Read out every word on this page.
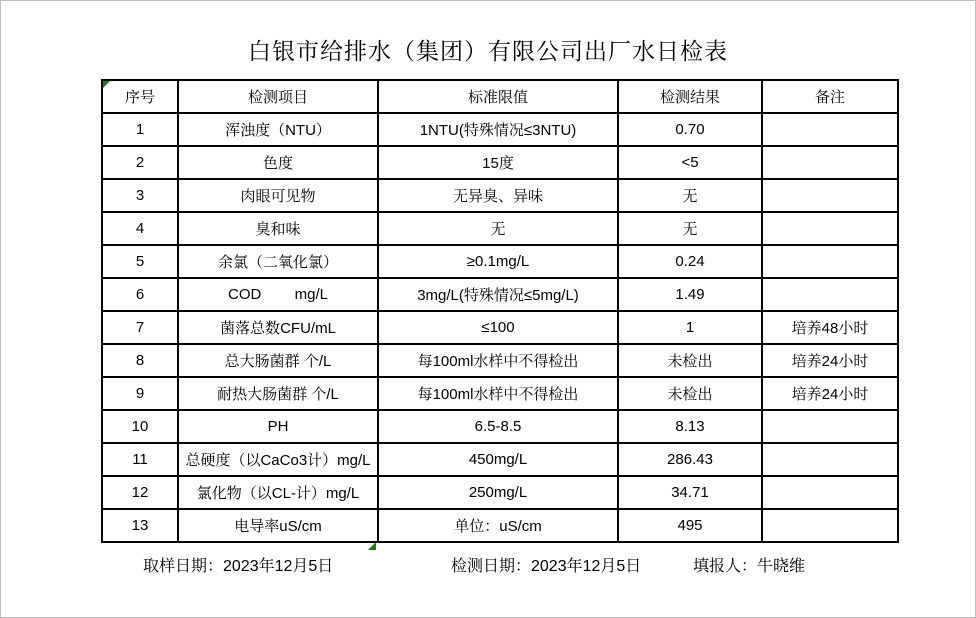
白银市给排水（集团）有限公司出厂水日检表
序号	检测项目	标准限值	检测结果	备注
1	浑浊度（NTU）	1NTU(特殊情况≤3NTU)	0.70	
2	色度	15度	<5	
3	肉眼可见物	无异臭、异味	无	
4	臭和味	无	无	
5	余氯（二氧化氯）	≥0.1mg/L	0.24	
6	COD        mg/L	3mg/L(特殊情况≤5mg/L)	1.49	
7	菌落总数CFU/mL	≤100	1	培养48小时
8	总大肠菌群 个/L	每100ml水样中不得检出	未检出	培养24小时
9	耐热大肠菌群 个/L	每100ml水样中不得检出	未检出	培养24小时
10	PH	6.5-8.5	8.13	
11	总硬度（以CaCo3计）mg/L	450mg/L	286.43	
12	氯化物（以CL-计）mg/L	250mg/L	34.71	
13	电导率uS/cm	单位：uS/cm	495	
取样日期：2023年12月5日	检测日期：2023年12月5日	填报人：牛晓维
